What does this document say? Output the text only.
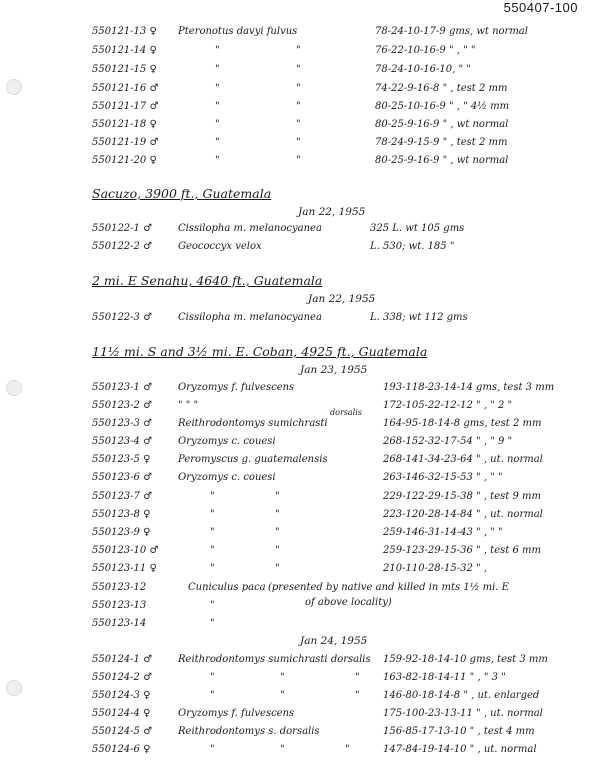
550407-100
550121-13 ♀ Pteronotus davyi fulvus	78-24-10-17-9 gms, wt normal
550121-14 ♀	"	"	76-22-10-16-9 " , " "
550121-15 ♀	"	"	78-24-10-16-10, " "
550121-16 ♂	"	"	74-22-9-16-8 " , test 2 mm
550121-17 ♂	"	"	80-25-10-16-9 " , " 4½ mm
550121-18 ♀	"	"	80-25-9-16-9 " , wt normal
550121-19 ♂	"	"	78-24-9-15-9 " , test 2 mm
550121-20 ♀	"	"	80-25-9-16-9 " , wt normal
Sacuzo, 3900 ft., Guatemala
Jan 22, 1955
550122-1 ♂	Cissilopha m. melanocyanea	325 L. wt 105 gms
550122-2 ♂	Geococcyx velox	L. 530; wt. 185 "
2 mi. E Senahu, 4640 ft., Guatemala
Jan 22, 1955
550122-3 ♂	Cissilopha m. melanocyanea	L. 338; wt 112 gms
11½ mi. S and 3½ mi. E. Coban, 4925 ft., Guatemala
Jan 23, 1955
550123-1 ♂	Oryzomys f. fulvescens	193-118-23-14-14 gms, test 3 mm
550123-2 ♂	" " "	172-105-22-12-12 " , " 2 "
dorsalis
550123-3 ♂	Reithrodontomys sumichrasti	164-95-18-14-8 gms, test 2 mm
550123-4 ♂	Oryzomys c. couesi	268-152-32-17-54 " , " 9 "
550123-5 ♀	Peromyscus g. guatemalensis	268-141-34-23-64 " , ut. normal
550123-6 ♂	Oryzomys c. couesi	263-146-32-15-53 " , " "
550123-7 ♂	"	"	229-122-29-15-38 " , test 9 mm
550123-8 ♀	"	"	223-120-28-14-84 " , ut. normal
550123-9 ♀	"	"	259-146-31-14-43 " , " "
550123-10 ♂	"	"	259-123-29-15-36 " , test 6 mm
550123-11 ♀	"	"	210-110-28-15-32 " ,
550123-12	Cuniculus paca (presented by native and killed in mts 1½ mi. E
of above locality)
550123-13	"
550123-14	"
Jan 24, 1955
550124-1 ♂	Reithrodontomys sumichrasti dorsalis 159-92-18-14-10 gms, test 3 mm
550124-2 ♂	"	"	" 163-82-18-14-11 " , " 3 "
550124-3 ♀	"	"	" 146-80-18-14-8 " , ut. enlarged
550124-4 ♀	Oryzomys f. fulvescens	175-100-23-13-11 " , ut. normal
550124-5 ♂	Reithrodontomys s. dorsalis	156-85-17-13-10 " , test 4 mm
550124-6 ♀	"	"	"	147-84-19-14-10 " , ut. normal
